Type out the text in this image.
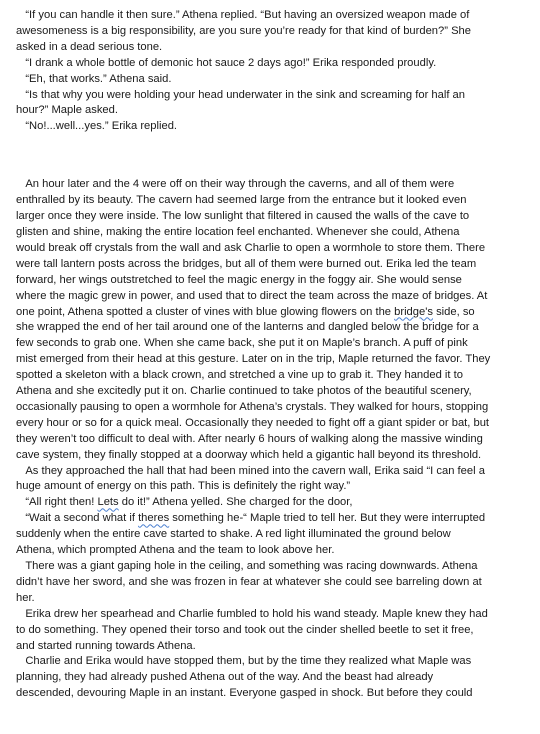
“If you can handle it then sure.” Athena replied. “But having an oversized weapon made of
awesomeness is a big responsibility, are you sure you’re ready for that kind of burden?” She
asked in a dead serious tone.
“I drank a whole bottle of demonic hot sauce 2 days ago!” Erika responded proudly.
“Eh, that works.” Athena said.
“Is that why you were holding your head underwater in the sink and screaming for half an
hour?” Maple asked.
“No!...well...yes.” Erika replied.
An hour later and the 4 were off on their way through the caverns, and all of them were
enthralled by its beauty. The cavern had seemed large from the entrance but it looked even
larger once they were inside. The low sunlight that filtered in caused the walls of the cave to
glisten and shine, making the entire location feel enchanted. Whenever she could, Athena
would break off crystals from the wall and ask Charlie to open a wormhole to store them. There
were tall lantern posts across the bridges, but all of them were burned out. Erika led the team
forward, her wings outstretched to feel the magic energy in the foggy air. She would sense
where the magic grew in power, and used that to direct the team across the maze of bridges. At
one point, Athena spotted a cluster of vines with blue glowing flowers on the bridge's side, so
she wrapped the end of her tail around one of the lanterns and dangled below the bridge for a
few seconds to grab one. When she came back, she put it on Maple’s branch. A puff of pink
mist emerged from their head at this gesture. Later on in the trip, Maple returned the favor. They
spotted a skeleton with a black crown, and stretched a vine up to grab it. They handed it to
Athena and she excitedly put it on. Charlie continued to take photos of the beautiful scenery,
occasionally pausing to open a wormhole for Athena’s crystals. They walked for hours, stopping
every hour or so for a quick meal. Occasionally they needed to fight off a giant spider or bat, but
they weren’t too difficult to deal with. After nearly 6 hours of walking along the massive winding
cave system, they finally stopped at a doorway which held a gigantic hall beyond its threshold.
As they approached the hall that had been mined into the cavern wall, Erika said “I can feel a
huge amount of energy on this path. This is definitely the right way.”
“All right then! Lets do it!” Athena yelled. She charged for the door,
“Wait a second what if theres something he-“ Maple tried to tell her. But they were interrupted
suddenly when the entire cave started to shake. A red light illuminated the ground below
Athena, which prompted Athena and the team to look above her.
There was a giant gaping hole in the ceiling, and something was racing downwards. Athena
didn’t have her sword, and she was frozen in fear at whatever she could see barreling down at
her.
Erika drew her spearhead and Charlie fumbled to hold his wand steady. Maple knew they had
to do something. They opened their torso and took out the cinder shelled beetle to set it free,
and started running towards Athena.
Charlie and Erika would have stopped them, but by the time they realized what Maple was
planning, they had already pushed Athena out of the way. And the beast had already
descended, devouring Maple in an instant. Everyone gasped in shock. But before they could
